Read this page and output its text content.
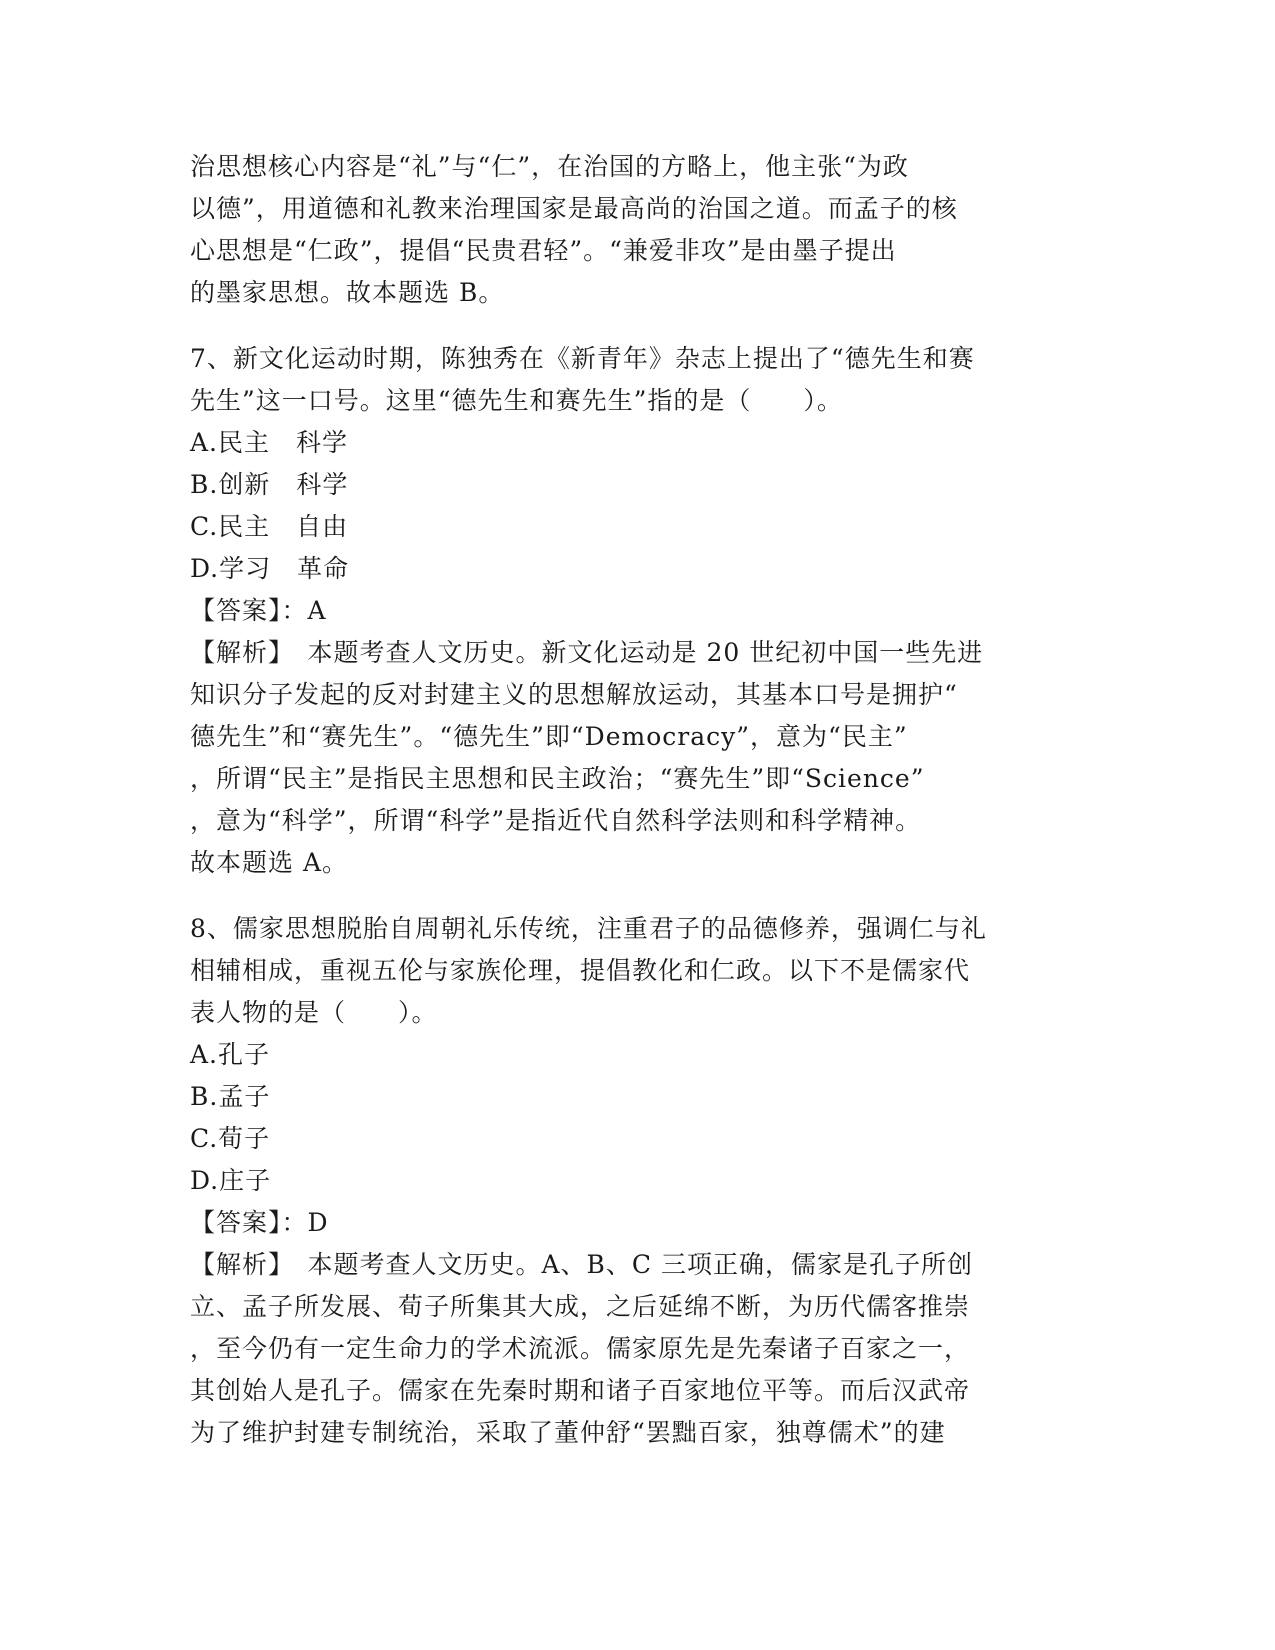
治思想核心内容是“礼”与“仁”，在治国的方略上，他主张“为政
以德”，用道德和礼教来治理国家是最高尚的治国之道。而孟子的核
心思想是“仁政”，提倡“民贵君轻”。“兼爱非攻”是由墨子提出
的墨家思想。故本题选 B。
7、新文化运动时期，陈独秀在《新青年》杂志上提出了“德先生和赛
先生”这一口号。这里“德先生和赛先生”指的是（　　）。
A.民主　科学
B.创新　科学
C.民主　自由
D.学习　革命
【答案】：A
【解析】　本题考查人文历史。新文化运动是 20 世纪初中国一些先进
知识分子发起的反对封建主义的思想解放运动，其基本口号是拥护“
德先生”和“赛先生”。“德先生”即“Democracy”，意为“民主”
，所谓“民主”是指民主思想和民主政治；“赛先生”即“Science”
，意为“科学”，所谓“科学”是指近代自然科学法则和科学精神。
故本题选 A。
8、儒家思想脱胎自周朝礼乐传统，注重君子的品德修养，强调仁与礼
相辅相成，重视五伦与家族伦理，提倡教化和仁政。以下不是儒家代
表人物的是（　　）。
A.孔子
B.孟子
C.荀子
D.庄子
【答案】：D
【解析】　本题考查人文历史。A、B、C 三项正确，儒家是孔子所创
立、孟子所发展、荀子所集其大成，之后延绵不断，为历代儒客推崇
，至今仍有一定生命力的学术流派。儒家原先是先秦诸子百家之一，
其创始人是孔子。儒家在先秦时期和诸子百家地位平等。而后汉武帝
为了维护封建专制统治，采取了董仲舒“罢黜百家，独尊儒术”的建
